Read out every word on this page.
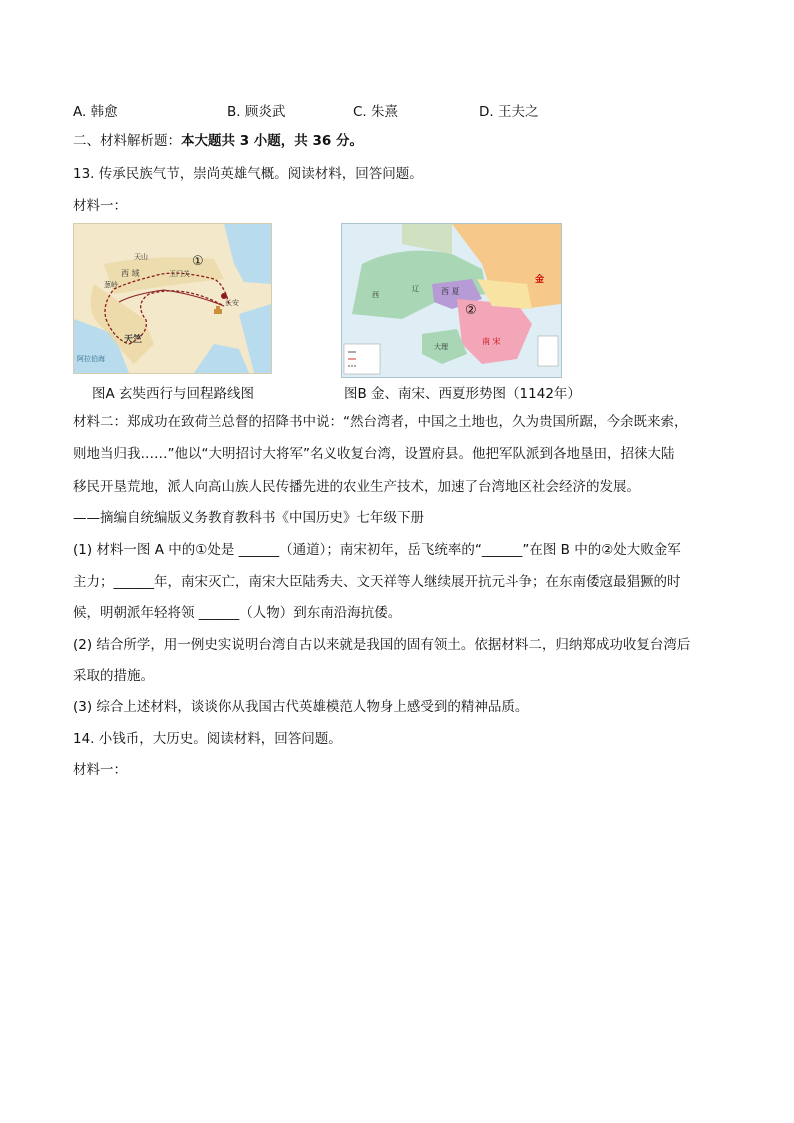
A. 韩愈	B. 顾炎武	C. 朱熹	D. 王夫之
二、材料解析题：本大题共 3 小题，共 36 分。
13. 传承民族气节，崇尚英雄气概。阅读材料，回答问题。
材料一：
天山
西 域
葱岭
玉门关
长安
天竺
阿拉伯海
①
图A 玄奘西行与回程路线图
金
西 夏
南 宋
西
辽
大理
②
图B 金、南宋、西夏形势图（1142年）
材料二：郑成功在致荷兰总督的招降书中说：“然台湾者，中国之土地也，久为贵国所踞，今余既来索，
则地当归我……”他以“大明招讨大将军”名义收复台湾，设置府县。他把军队派到各地垦田，招徕大陆
移民开垦荒地，派人向高山族人民传播先进的农业生产技术，加速了台湾地区社会经济的发展。
——摘编自统编版义务教育教科书《中国历史》七年级下册
(1) 材料一图 A 中的①处是 ______（通道）；南宋初年，岳飞统率的“______”在图 B 中的②处大败金军
主力；______年，南宋灭亡，南宋大臣陆秀夫、文天祥等人继续展开抗元斗争；在东南倭寇最猖獗的时
候，明朝派年轻将领 ______（人物）到东南沿海抗倭。
(2) 结合所学，用一例史实说明台湾自古以来就是我国的固有领土。依据材料二，归纳郑成功收复台湾后
采取的措施。
(3) 综合上述材料，谈谈你从我国古代英雄模范人物身上感受到的精神品质。
14. 小钱币，大历史。阅读材料，回答问题。
材料一：
